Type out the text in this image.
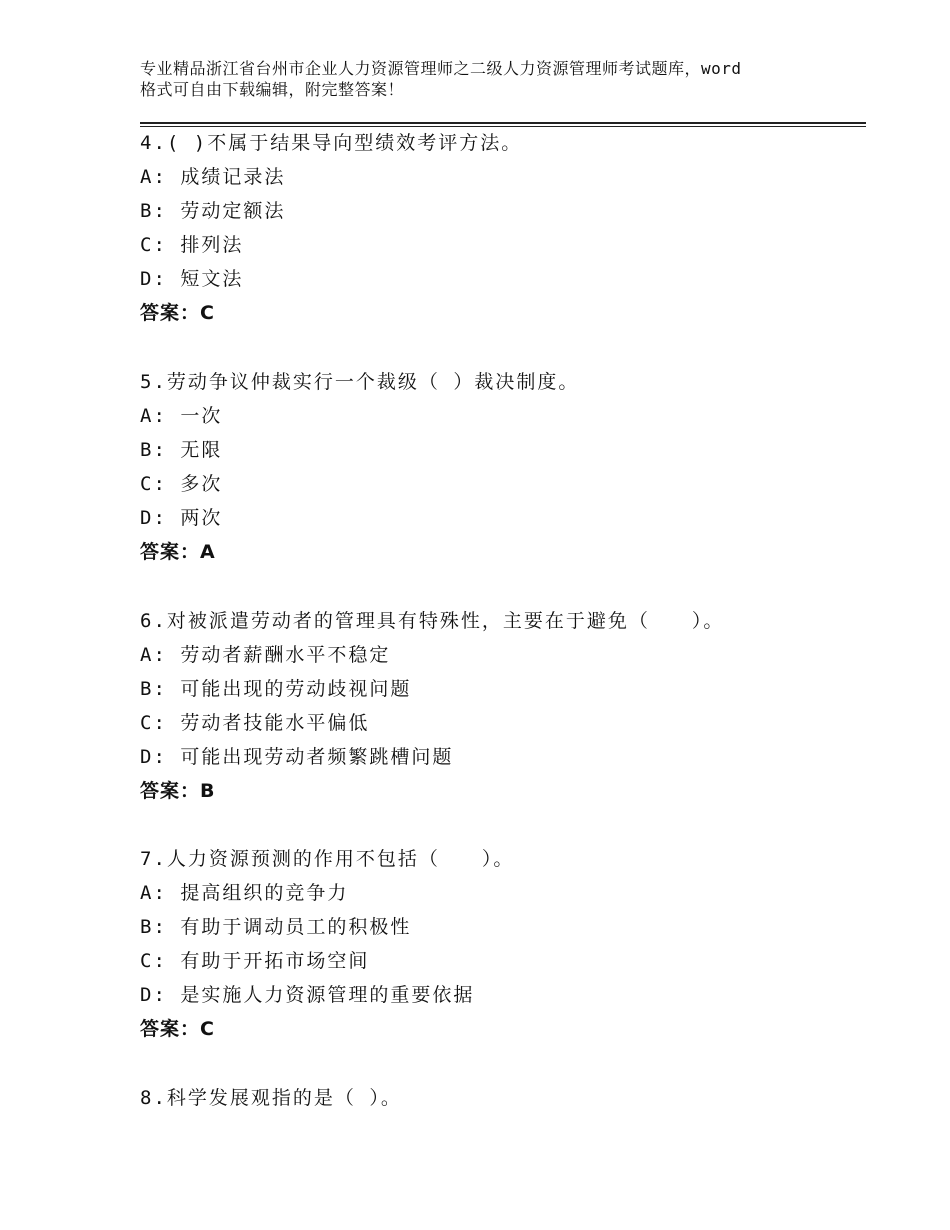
专业精品浙江省台州市企业人力资源管理师之二级人力资源管理师考试题库，word
格式可自由下载编辑，附完整答案！
4.( )不属于结果导向型绩效考评方法。
A: 成绩记录法
B: 劳动定额法
C: 排列法
D: 短文法
答案：C
5.劳动争议仲裁实行一个裁级（ ）裁决制度。
A: 一次
B: 无限
C: 多次
D: 两次
答案：A
6.对被派遣劳动者的管理具有特殊性，主要在于避免（　　）。
A: 劳动者薪酬水平不稳定
B: 可能出现的劳动歧视问题
C: 劳动者技能水平偏低
D: 可能出现劳动者频繁跳槽问题
答案：B
7.人力资源预测的作用不包括（　　）。
A: 提高组织的竞争力
B: 有助于调动员工的积极性
C: 有助于开拓市场空间
D: 是实施人力资源管理的重要依据
答案：C
8.科学发展观指的是（ ）。
